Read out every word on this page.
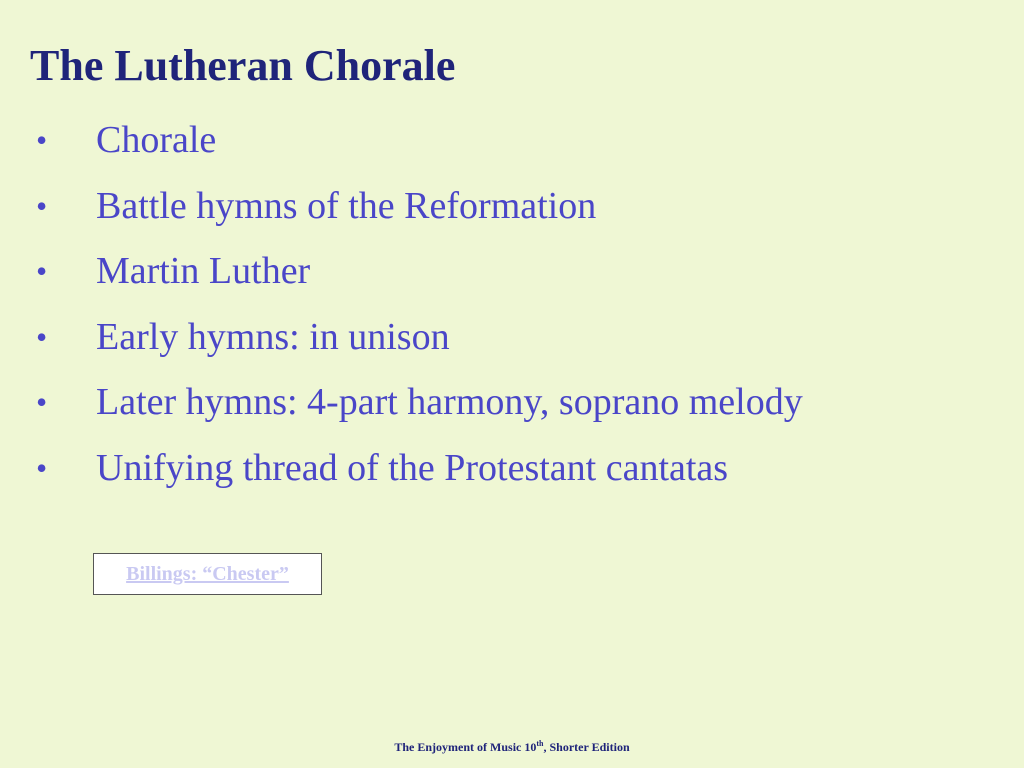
The Lutheran Chorale
• Chorale
• Battle hymns of the Reformation
• Martin Luther
• Early hymns: in unison
• Later hymns: 4-part harmony, soprano melody
• Unifying thread of the Protestant cantatas
Billings: “Chester”
The Enjoyment of Music 10th, Shorter Edition
